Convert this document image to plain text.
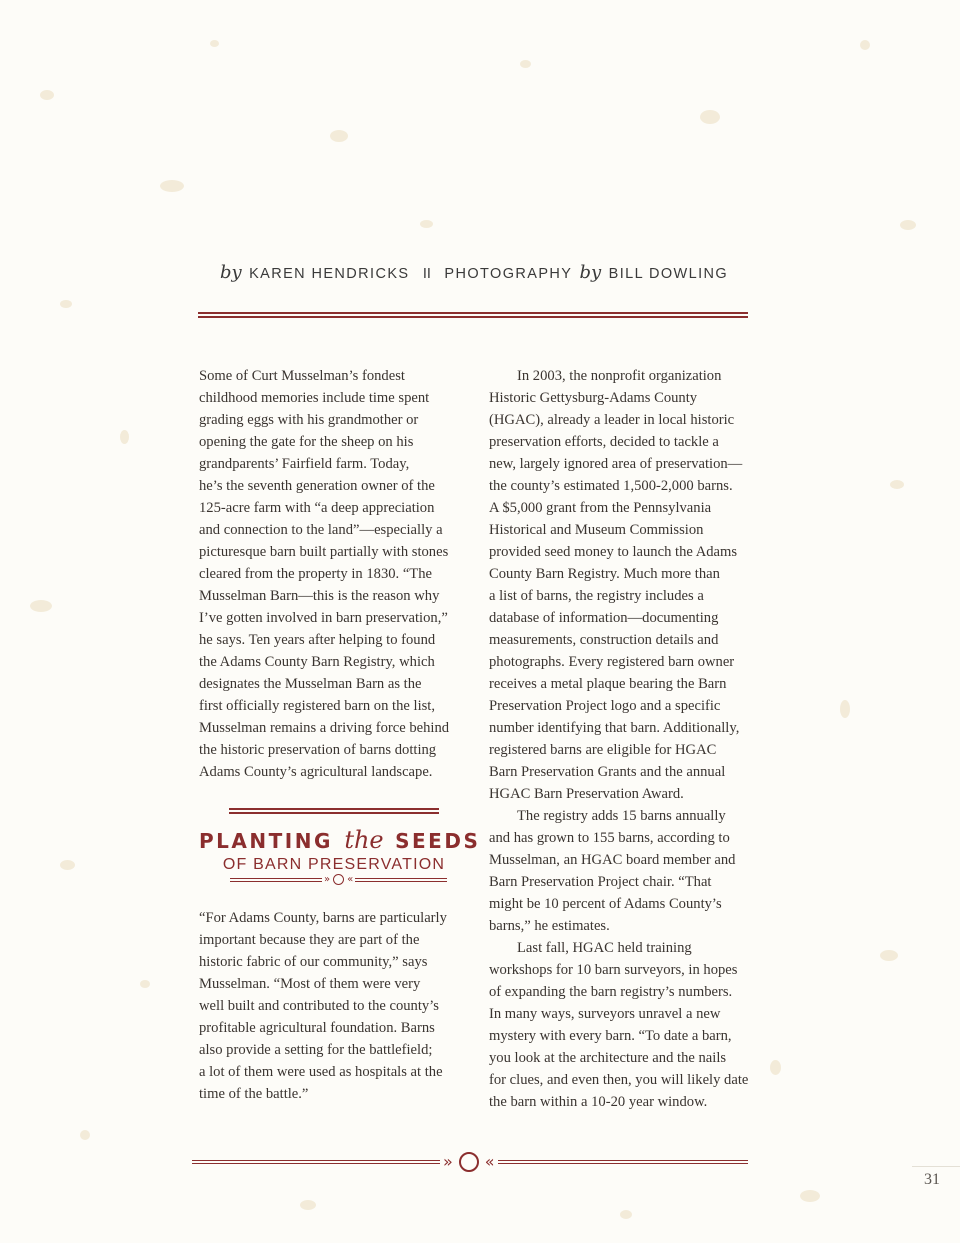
by KAREN HENDRICKS II PHOTOGRAPHY by BILL DOWLING

Some of Curt Musselman’s fondest
childhood memories include time spent
grading eggs with his grandmother or
opening the gate for the sheep on his
grandparents’ Fairfield farm. Today,
he’s the seventh generation owner of the
125-acre farm with “a deep appreciation
and connection to the land”—especially a
picturesque barn built partially with stones
cleared from the property in 1830. “The
Musselman Barn—this is the reason why
I’ve gotten involved in barn preservation,”
he says. Ten years after helping to found
the Adams County Barn Registry, which
designates the Musselman Barn as the
first officially registered barn on the list,
Musselman remains a driving force behind
the historic preservation of barns dotting
Adams County’s agricultural landscape.

PLANTING the SEEDS
OF BARN PRESERVATION
» «

“For Adams County, barns are particularly
important because they are part of the
historic fabric of our community,” says
Musselman. “Most of them were very
well built and contributed to the county’s
profitable agricultural foundation. Barns
also provide a setting for the battlefield;
a lot of them were used as hospitals at the
time of the battle.”

In 2003, the nonprofit organization
Historic Gettysburg-Adams County
(HGAC), already a leader in local historic
preservation efforts, decided to tackle a
new, largely ignored area of preservation—
the county’s estimated 1,500-2,000 barns.
A $5,000 grant from the Pennsylvania
Historical and Museum Commission
provided seed money to launch the Adams
County Barn Registry. Much more than
a list of barns, the registry includes a
database of information—documenting
measurements, construction details and
photographs. Every registered barn owner
receives a metal plaque bearing the Barn
Preservation Project logo and a specific
number identifying that barn. Additionally,
registered barns are eligible for HGAC
Barn Preservation Grants and the annual
HGAC Barn Preservation Award.

The registry adds 15 barns annually
and has grown to 155 barns, according to
Musselman, an HGAC board member and
Barn Preservation Project chair. “That
might be 10 percent of Adams County’s
barns,” he estimates.

Last fall, HGAC held training
workshops for 10 barn surveyors, in hopes
of expanding the barn registry’s numbers.
In many ways, surveyors unravel a new
mystery with every barn. “To date a barn,
you look at the architecture and the nails
for clues, and even then, you will likely date
the barn within a 10-20 year window.

» «
31
